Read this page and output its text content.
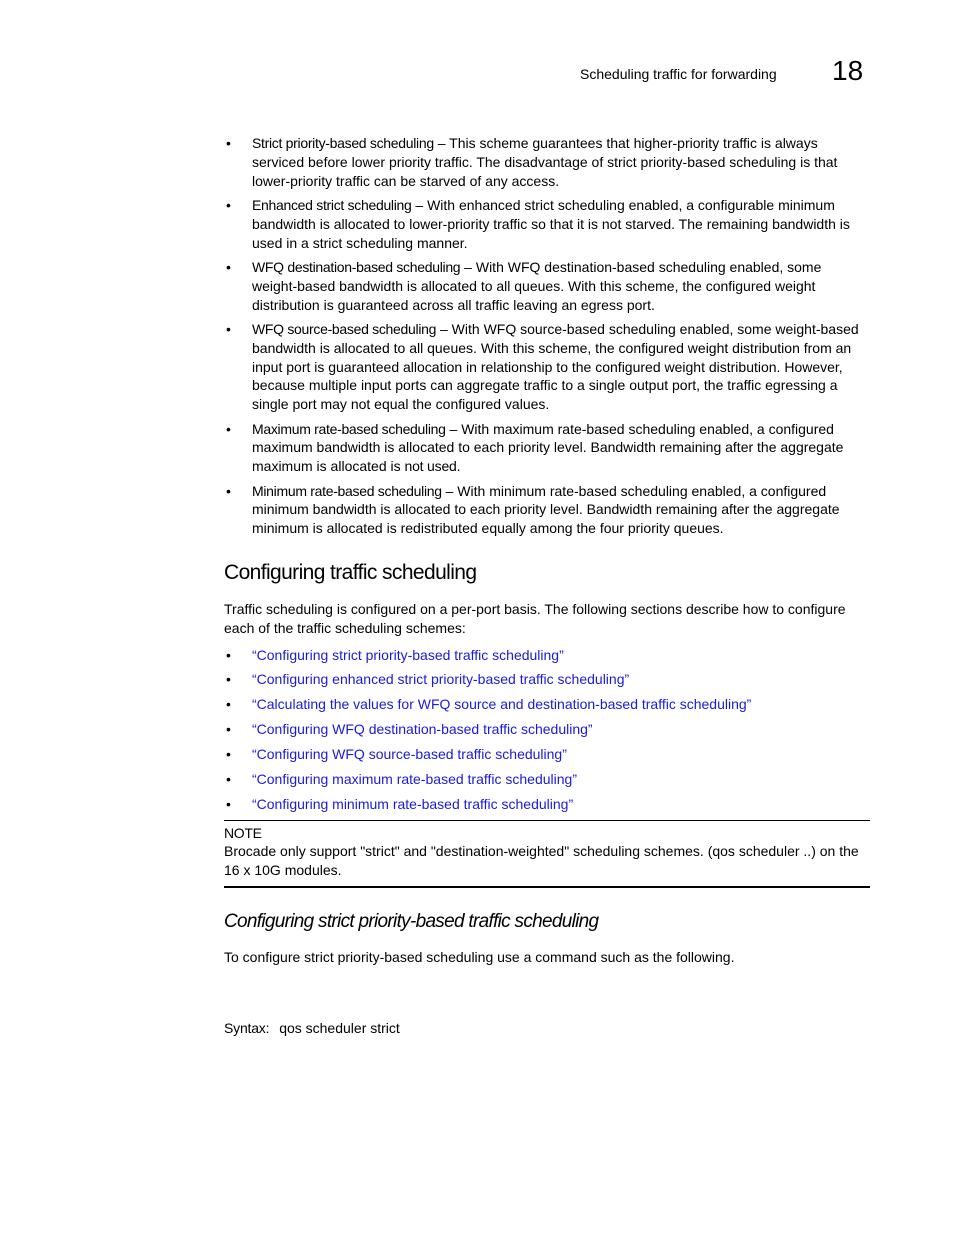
Scheduling traffic for forwarding 18
• Strict priority-based scheduling – This scheme guarantees that higher-priority traffic is always serviced before lower priority traffic. The disadvantage of strict priority-based scheduling is that lower-priority traffic can be starved of any access.
• Enhanced strict scheduling – With enhanced strict scheduling enabled, a configurable minimum bandwidth is allocated to lower-priority traffic so that it is not starved. The remaining bandwidth is used in a strict scheduling manner.
• WFQ destination-based scheduling – With WFQ destination-based scheduling enabled, some weight-based bandwidth is allocated to all queues. With this scheme, the configured weight distribution is guaranteed across all traffic leaving an egress port.
• WFQ source-based scheduling – With WFQ source-based scheduling enabled, some weight-based bandwidth is allocated to all queues. With this scheme, the configured weight distribution from an input port is guaranteed allocation in relationship to the configured weight distribution. However, because multiple input ports can aggregate traffic to a single output port, the traffic egressing a single port may not equal the configured values.
• Maximum rate-based scheduling – With maximum rate-based scheduling enabled, a configured maximum bandwidth is allocated to each priority level. Bandwidth remaining after the aggregate maximum is allocated is not used.
• Minimum rate-based scheduling – With minimum rate-based scheduling enabled, a configured minimum bandwidth is allocated to each priority level. Bandwidth remaining after the aggregate minimum is allocated is redistributed equally among the four priority queues.
Configuring traffic scheduling

Traffic scheduling is configured on a per-port basis. The following sections describe how to configure each of the traffic scheduling schemes:

• “Configuring strict priority-based traffic scheduling”
• “Configuring enhanced strict priority-based traffic scheduling”
• “Calculating the values for WFQ source and destination-based traffic scheduling”
• “Configuring WFQ destination-based traffic scheduling”
• “Configuring WFQ source-based traffic scheduling”
• “Configuring maximum rate-based traffic scheduling”
• “Configuring minimum rate-based traffic scheduling”
NOTE
Brocade only support "strict" and "destination-weighted" scheduling schemes. (qos scheduler ..) on the 16 x 10G modules.
Configuring strict priority-based traffic scheduling

To configure strict priority-based scheduling use a command such as the following.

Syntax: qos scheduler strict
